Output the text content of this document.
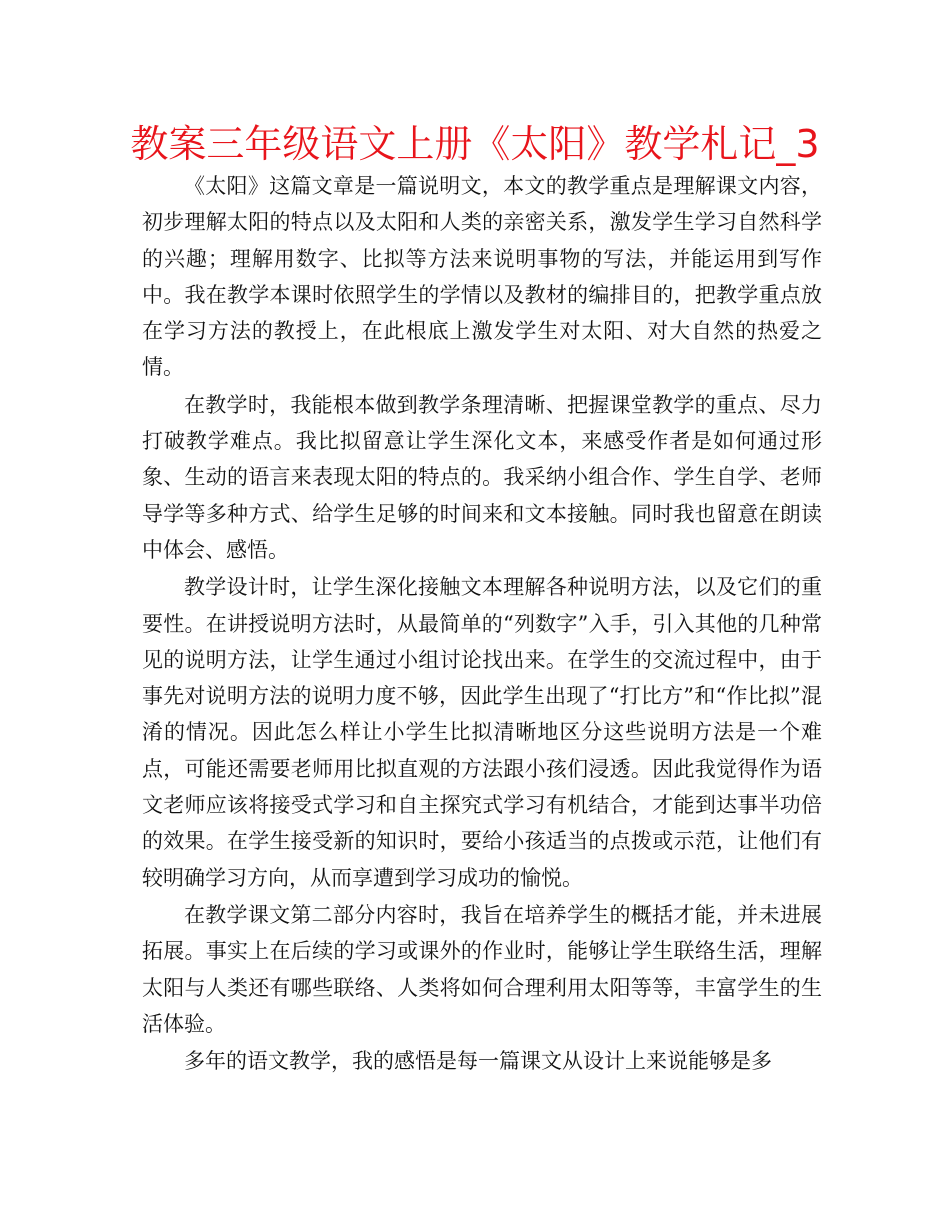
教案三年级语文上册《太阳》教学札记_3

《太阳》这篇文章是一篇说明文，本文的教学重点是理解课文内容，初步理解太阳的特点以及太阳和人类的亲密关系，激发学生学习自然科学的兴趣；理解用数字、比拟等方法来说明事物的写法，并能运用到写作中。我在教学本课时依照学生的学情以及教材的编排目的，把教学重点放在学习方法的教授上，在此根底上激发学生对太阳、对大自然的热爱之情。

在教学时，我能根本做到教学条理清晰、把握课堂教学的重点、尽力打破教学难点。我比拟留意让学生深化文本，来感受作者是如何通过形象、生动的语言来表现太阳的特点的。我采纳小组合作、学生自学、老师导学等多种方式、给学生足够的时间来和文本接触。同时我也留意在朗读中体会、感悟。

教学设计时，让学生深化接触文本理解各种说明方法，以及它们的重要性。在讲授说明方法时，从最简单的“列数字”入手，引入其他的几种常见的说明方法，让学生通过小组讨论找出来。在学生的交流过程中，由于事先对说明方法的说明力度不够，因此学生出现了“打比方”和“作比拟”混淆的情况。因此怎么样让小学生比拟清晰地区分这些说明方法是一个难点，可能还需要老师用比拟直观的方法跟小孩们浸透。因此我觉得作为语文老师应该将接受式学习和自主探究式学习有机结合，才能到达事半功倍的效果。在学生接受新的知识时，要给小孩适当的点拨或示范，让他们有较明确学习方向，从而享遭到学习成功的愉悦。

在教学课文第二部分内容时，我旨在培养学生的概括才能，并未进展拓展。事实上在后续的学习或课外的作业时，能够让学生联络生活，理解太阳与人类还有哪些联络、人类将如何合理利用太阳等等，丰富学生的生活体验。

多年的语文教学，我的感悟是每一篇课文从设计上来说能够是多
